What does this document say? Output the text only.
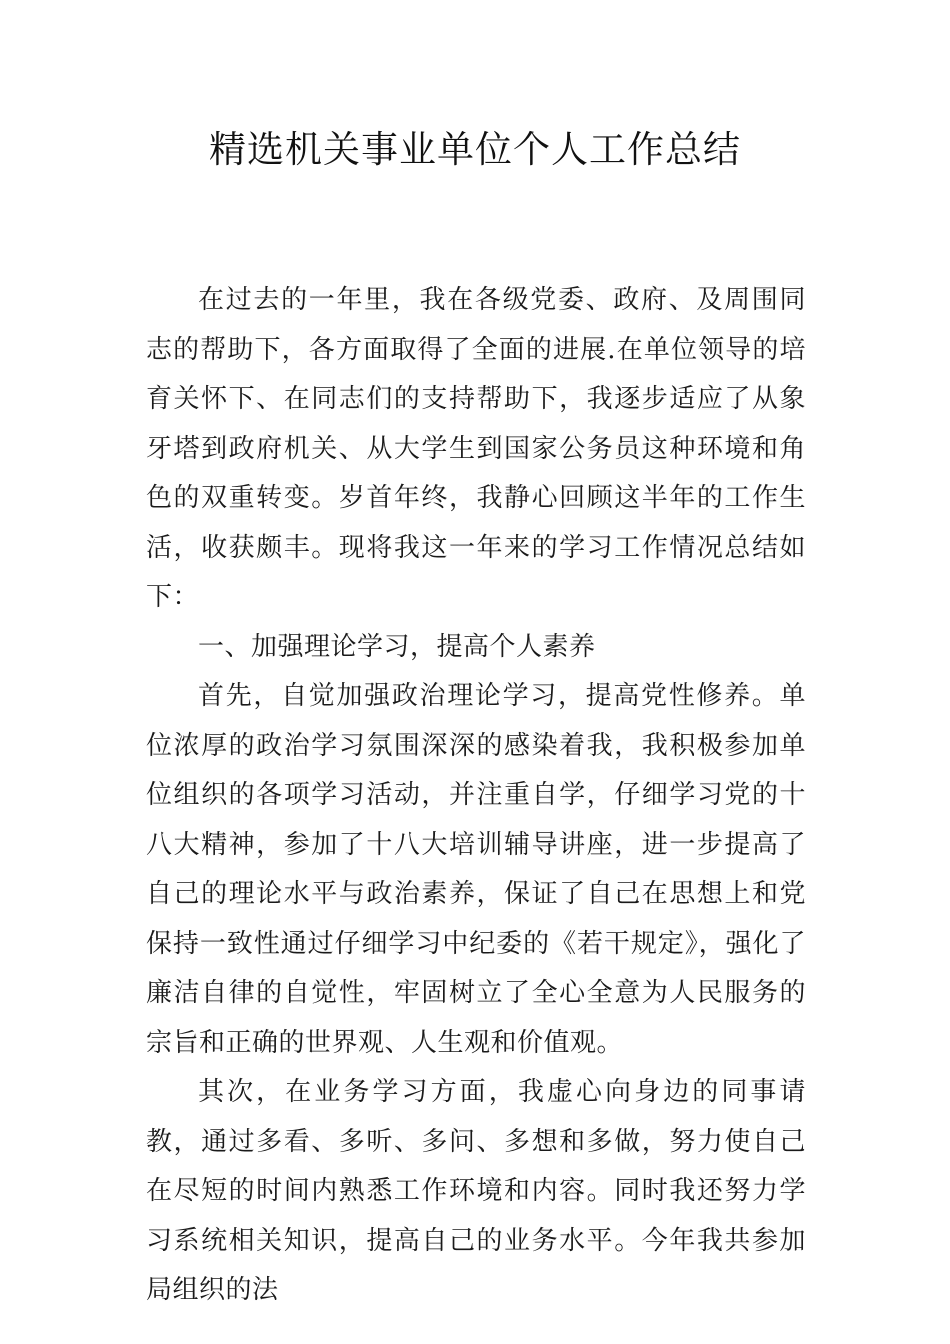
精选机关事业单位个人工作总结

在过去的一年里，我在各级党委、政府、及周围同志的帮助下，各方面取得了全面的进展.在单位领导的培育关怀下、在同志们的支持帮助下，我逐步适应了从象牙塔到政府机关、从大学生到国家公务员这种环境和角色的双重转变。岁首年终，我静心回顾这半年的工作生活，收获颇丰。现将我这一年来的学习工作情况总结如下：

一、加强理论学习，提高个人素养

首先，自觉加强政治理论学习，提高党性修养。单位浓厚的政治学习氛围深深的感染着我，我积极参加单位组织的各项学习活动，并注重自学，仔细学习党的十八大精神，参加了十八大培训辅导讲座，进一步提高了自己的理论水平与政治素养，保证了自己在思想上和党保持一致性通过仔细学习中纪委的《若干规定》，强化了廉洁自律的自觉性，牢固树立了全心全意为人民服务的宗旨和正确的世界观、人生观和价值观。

其次，在业务学习方面，我虚心向身边的同事请教，通过多看、多听、多问、多想和多做，努力使自己在尽短的时间内熟悉工作环境和内容。同时我还努力学习系统相关知识，提高自己的业务水平。今年我共参加局组织的法
